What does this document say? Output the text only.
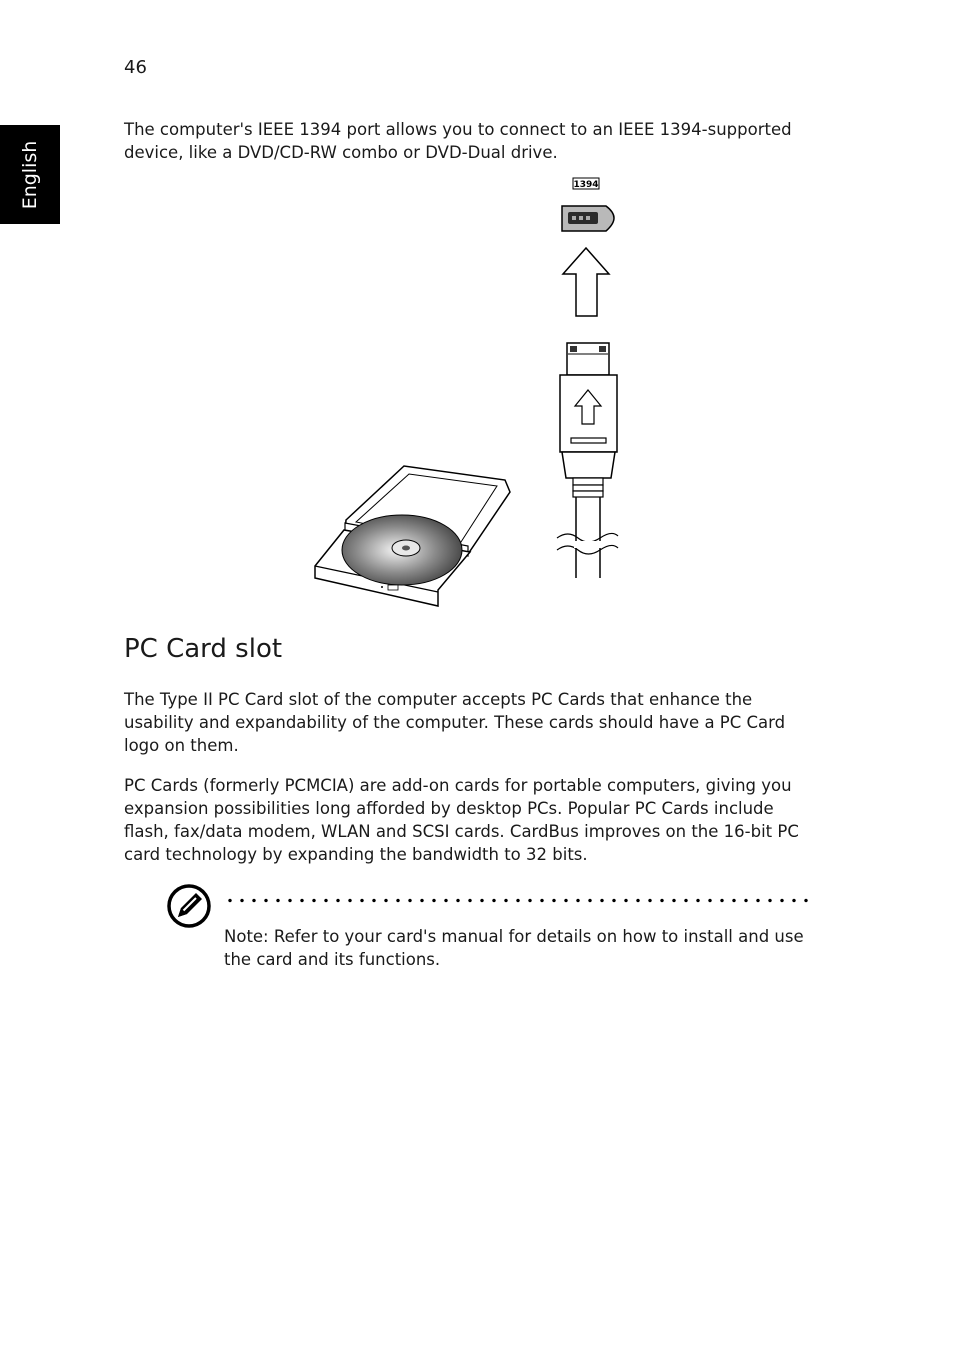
46
English

The computer's IEEE 1394 port allows you to connect to an IEEE 1394-supported device, like a DVD/CD-RW combo or DVD-Dual drive.

1394
PC Card slot

The Type II PC Card slot of the computer accepts PC Cards that enhance the usability and expandability of the computer. These cards should have a PC Card logo on them.

PC Cards (formerly PCMCIA) are add-on cards for portable computers, giving you expansion possibilities long afforded by desktop PCs. Popular PC Cards include flash, fax/data modem, WLAN and SCSI cards. CardBus improves on the 16-bit PC card technology by expanding the bandwidth to 32 bits.

Note: Refer to your card's manual for details on how to install and use the card and its functions.
